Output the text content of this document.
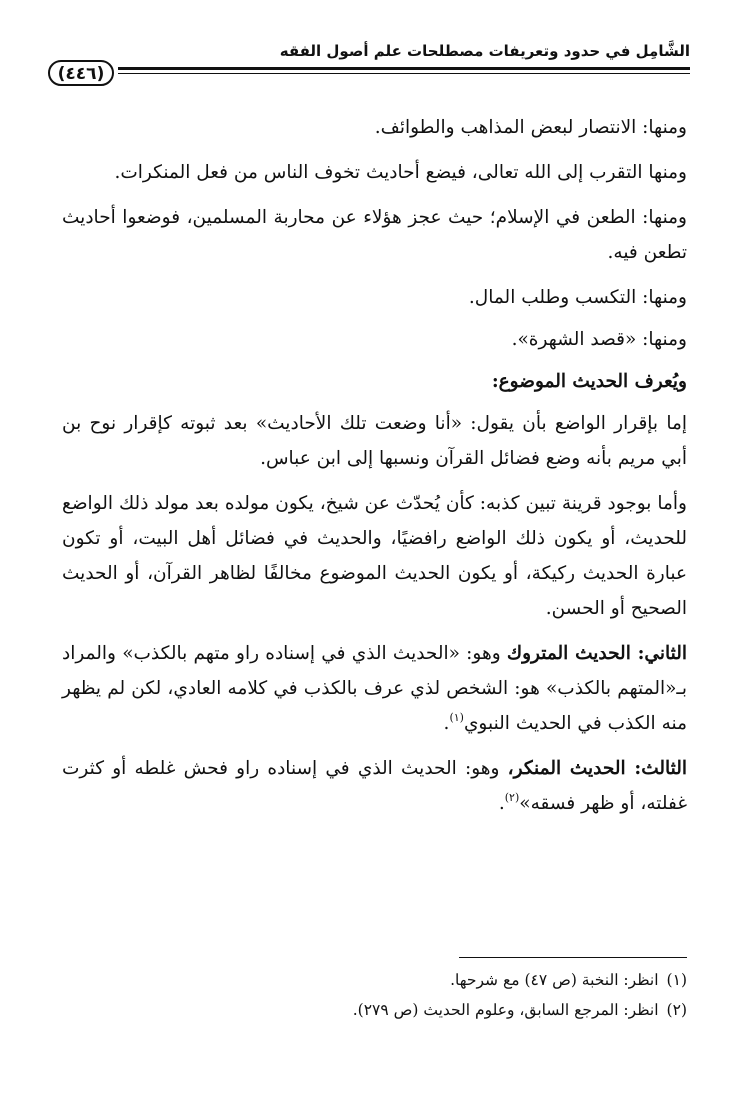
الشَّامِل في حدود وتعريفات مصطلحات علم أصول الفقه
(٤٤٦)

ومنها: الانتصار لبعض المذاهب والطوائف.

ومنها التقرب إلى الله تعالى، فيضع أحاديث تخوف الناس من فعل المنكرات.

ومنها: الطعن في الإسلام؛ حيث عجز هؤلاء عن محاربة المسلمين، فوضعوا أحاديث تطعن فيه.

ومنها: التكسب وطلب المال.

ومنها: «قصد الشهرة».

ويُعرف الحديث الموضوع:

إما بإقرار الواضع بأن يقول: «أنا وضعت تلك الأحاديث» بعد ثبوته كإقرار نوح بن أبي مريم بأنه وضع فضائل القرآن ونسبها إلى ابن عباس.

وأما بوجود قرينة تبين كذبه: كأن يُحدّث عن شيخ، يكون مولده بعد مولد ذلك الواضع للحديث، أو يكون ذلك الواضع رافضيًا، والحديث في فضائل أهل البيت، أو تكون عبارة الحديث ركيكة، أو يكون الحديث الموضوع مخالفًا لظاهر القرآن، أو الحديث الصحيح أو الحسن.

الثاني: الحديث المتروك وهو: «الحديث الذي في إسناده راو متهم بالكذب» والمراد بـ«المتهم بالكذب» هو: الشخص لذي عرف بالكذب في كلامه العادي، لكن لم يظهر منه الكذب في الحديث النبوي$^{(١)}$.

الثالث: الحديث المنكر، وهو: الحديث الذي في إسناده راو فحش غلطه أو كثرت غفلته، أو ظهر فسقه»$^{(٢)}$.

(١)انظر: النخبة (ص ٤٧) مع شرحها.

(٢)انظر: المرجع السابق، وعلوم الحديث (ص ٢٧٩).
